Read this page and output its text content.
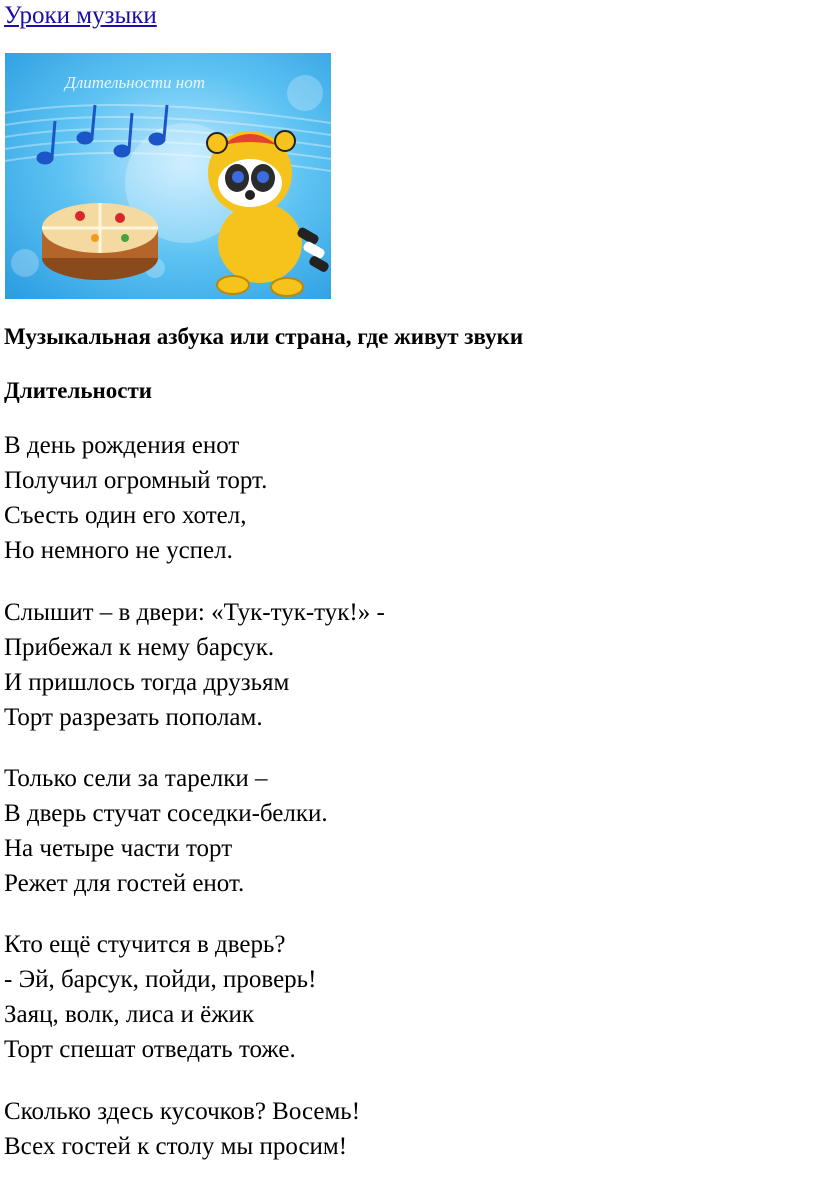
Уроки музыки
Длительности нот
Музыкальная азбука или страна, где живут звуки
Длительности
В день рождения енот
Получил огромный торт.
Съесть один его хотел,
Но немного не успел.
Слышит – в двери: «Тук-тук-тук!» -
Прибежал к нему барсук.
И пришлось тогда друзьям
Торт разрезать пополам.
Только сели за тарелки –
В дверь стучат соседки-белки.
На четыре части торт
Режет для гостей енот.
Кто ещё стучится в дверь?
- Эй, барсук, пойди, проверь!
Заяц, волк, лиса и ёжик
Торт спешат отведать тоже.
Сколько здесь кусочков? Восемь!
Всех гостей к столу мы просим!
